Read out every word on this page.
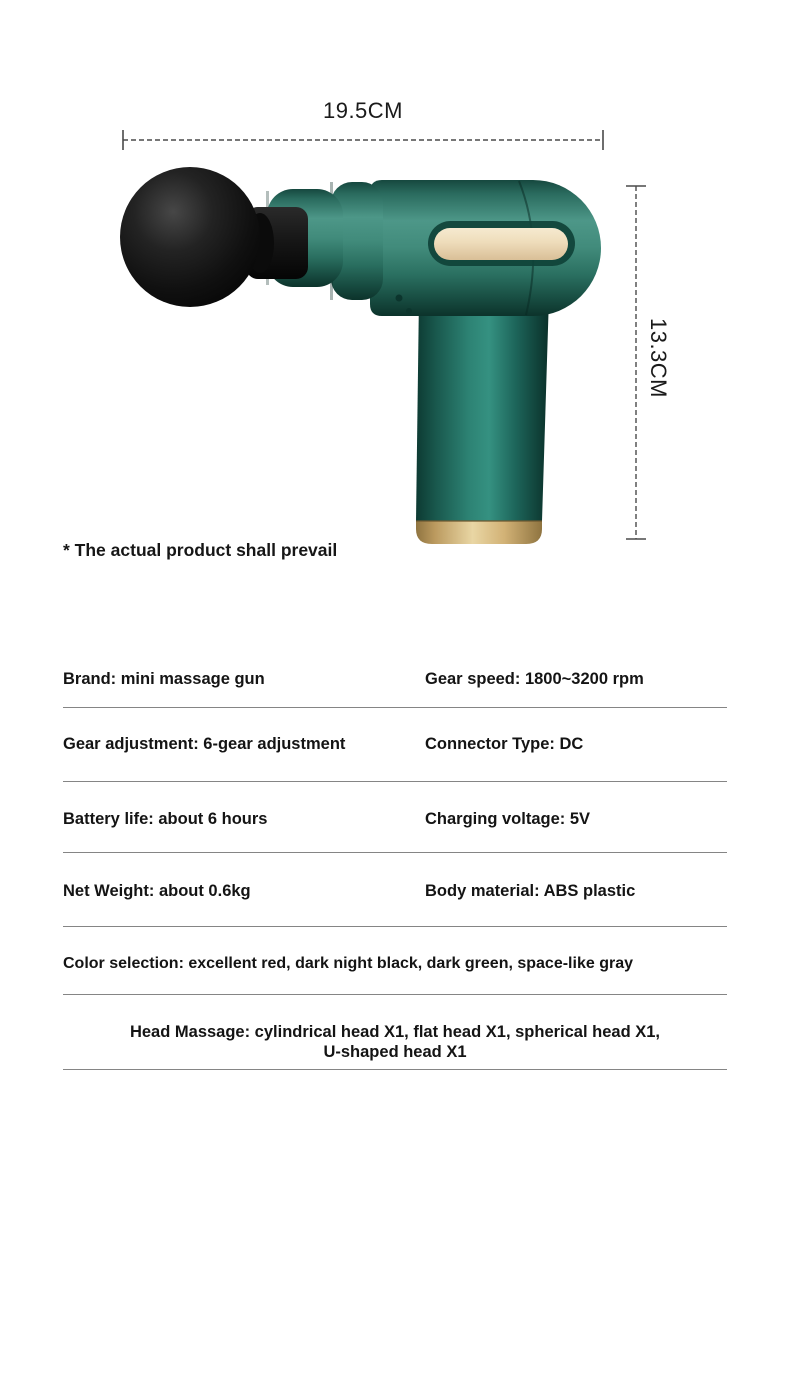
19.5CM
13.3CM
* The actual product shall prevail
Brand: mini massage gun	Gear speed: 1800~3200 rpm
Gear adjustment: 6-gear adjustment	Connector Type: DC
Battery life: about 6 hours	Charging voltage: 5V
Net Weight: about 0.6kg	Body material: ABS plastic
Color selection: excellent red, dark night black, dark green, space-like gray
Head Massage: cylindrical head X1, flat head X1, spherical head X1,
U-shaped head X1
